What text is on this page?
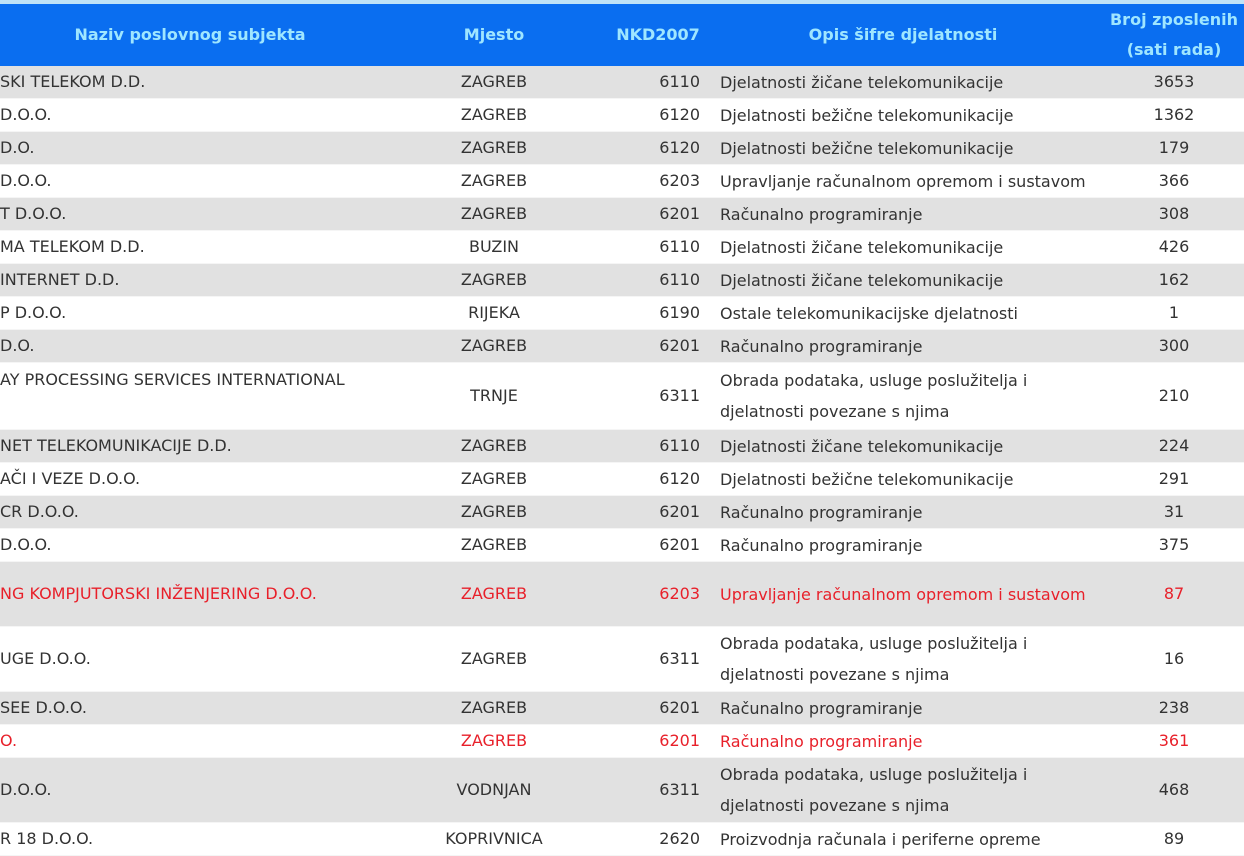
Naziv poslovnog subjekta	Mjesto	NKD2007	Opis šifre djelatnosti	Broj zposlenih
(sati rada)

SKI TELEKOM D.D.	ZAGREB	6110	Djelatnosti žičane telekomunikacije	3653
D.O.O.	ZAGREB	6120	Djelatnosti bežične telekomunikacije	1362
D.O.	ZAGREB	6120	Djelatnosti bežične telekomunikacije	179
D.O.O.	ZAGREB	6203	Upravljanje računalnom opremom i sustavom	366
T D.O.O.	ZAGREB	6201	Računalno programiranje	308
MA TELEKOM D.D.	BUZIN	6110	Djelatnosti žičane telekomunikacije	426
INTERNET D.D.	ZAGREB	6110	Djelatnosti žičane telekomunikacije	162
P D.O.O.	RIJEKA	6190	Ostale telekomunikacijske djelatnosti	1
D.O.	ZAGREB	6201	Računalno programiranje	300
AY PROCESSING SERVICES INTERNATIONAL	TRNJE	6311	Obrada podataka, usluge poslužitelja i djelatnosti povezane s njima	210
NET TELEKOMUNIKACIJE D.D.	ZAGREB	6110	Djelatnosti žičane telekomunikacije	224
AČI I VEZE D.O.O.	ZAGREB	6120	Djelatnosti bežične telekomunikacije	291
CR D.O.O.	ZAGREB	6201	Računalno programiranje	31
D.O.O.	ZAGREB	6201	Računalno programiranje	375
NG KOMPJUTORSKI INŽENJERING D.O.O.	ZAGREB	6203	Upravljanje računalnom opremom i sustavom	87
UGE D.O.O.	ZAGREB	6311	Obrada podataka, usluge poslužitelja i djelatnosti povezane s njima	16
SEE D.O.O.	ZAGREB	6201	Računalno programiranje	238
O.	ZAGREB	6201	Računalno programiranje	361
D.O.O.	VODNJAN	6311	Obrada podataka, usluge poslužitelja i djelatnosti povezane s njima	468
R 18 D.O.O.	KOPRIVNICA	2620	Proizvodnja računala i periferne opreme	89
